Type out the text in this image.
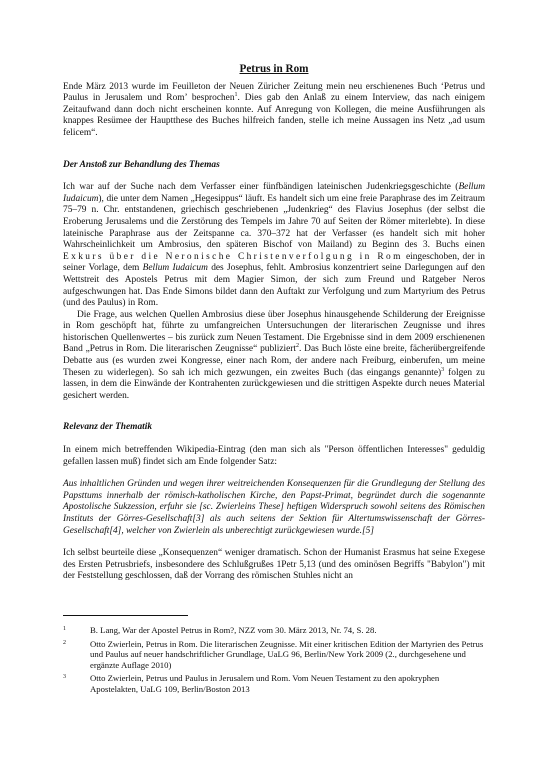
Petrus in Rom

Ende März 2013 wurde im Feuilleton der Neuen Züricher Zeitung mein neu erschienenes Buch ‘Petrus und Paulus in Jerusalem und Rom’ besprochen$^1$. Dies gab den Anlaß zu einem Interview, das nach einigem Zeitaufwand dann doch nicht erscheinen konnte. Auf Anregung von Kollegen, die meine Ausführungen als knappes Resümee der Hauptthese des Buches hilfreich fanden, stelle ich meine Aussagen ins Netz „ad usum felicem“.

Der Anstoß zur Behandlung des Themas

Ich war auf der Suche nach dem Verfasser einer fünfbändigen lateinischen Judenkriegsgeschichte (Bellum Iudaicum), die unter dem Namen „Hegesippus“ läuft. Es handelt sich um eine freie Paraphrase des im Zeitraum 75–79 n. Chr. entstandenen, griechisch geschriebenen „Judenkrieg“ des Flavius Josephus (der selbst die Eroberung Jerusalems und die Zerstörung des Tempels im Jahre 70 auf Seiten der Römer miterlebte). In diese lateinische Paraphrase aus der Zeitspanne ca. 370–372 hat der Verfasser (es handelt sich mit hoher Wahrscheinlichkeit um Ambrosius, den späteren Bischof von Mailand) zu Beginn des 3. Buchs einen Exkurs über die Neronische Christenverfolgung in Rom eingeschoben, der in seiner Vorlage, dem Bellum Iudaicum des Josephus, fehlt. Ambrosius konzentriert seine Darlegungen auf den Wettstreit des Apostels Petrus mit dem Magier Simon, der sich zum Freund und Ratgeber Neros aufgeschwungen hat. Das Ende Simons bildet dann den Auftakt zur Verfolgung und zum Martyrium des Petrus (und des Paulus) in Rom.

Die Frage, aus welchen Quellen Ambrosius diese über Josephus hinausgehende Schilderung der Ereignisse in Rom geschöpft hat, führte zu umfangreichen Untersuchungen der literarischen Zeugnisse und ihres historischen Quellenwertes – bis zurück zum Neuen Testament. Die Ergebnisse sind in dem 2009 erschienenen Band „Petrus in Rom. Die literarischen Zeugnisse“ publiziert$^2$. Das Buch löste eine breite, fächerübergreifende Debatte aus (es wurden zwei Kongresse, einer nach Rom, der andere nach Freiburg, einberufen, um meine Thesen zu widerlegen). So sah ich mich gezwungen, ein zweites Buch (das eingangs genannte)$^3$ folgen zu lassen, in dem die Einwände der Kontrahenten zurückgewiesen und die strittigen Aspekte durch neues Material gesichert werden.

Relevanz der Thematik

In einem mich betreffenden Wikipedia-Eintrag (den man sich als "Person öffentlichen Interesses" geduldig gefallen lassen muß) findet sich am Ende folgender Satz:

Aus inhaltlichen Gründen und wegen ihrer weitreichenden Konsequenzen für die Grundlegung der Stellung des Papsttums innerhalb der römisch-katholischen Kirche, den Papst-Primat, begründet durch die sogenannte Apostolische Sukzession, erfuhr sie [sc. Zwierleins These] heftigen Widerspruch sowohl seitens des Römischen Instituts der Görres-Gesellschaft[3] als auch seitens der Sektion für Altertumswissenschaft der Görres-Gesellschaft[4], welcher von Zwierlein als unberechtigt zurückgewiesen wurde.[5]

Ich selbst beurteile diese „Konsequenzen“ weniger dramatisch. Schon der Humanist Erasmus hat seine Exegese des Ersten Petrusbriefs, insbesondere des Schlußgrußes 1Petr 5,13 (und des ominösen Begriffs "Babylon") mit der Feststellung geschlossen, daß der Vorrang des römischen Stuhles nicht an

1	B. Lang, War der Apostel Petrus in Rom?, NZZ vom 30. März 2013, Nr. 74, S. 28.
2	Otto Zwierlein, Petrus in Rom. Die literarischen Zeugnisse. Mit einer kritischen Edition der Martyrien des Petrus und Paulus auf neuer handschriftlicher Grundlage, UaLG 96, Berlin/New York 2009 (2., durchgesehene und ergänzte Auflage 2010)
3	Otto Zwierlein, Petrus und Paulus in Jerusalem und Rom. Vom Neuen Testament zu den apokryphen Apostelakten, UaLG 109, Berlin/Boston 2013
